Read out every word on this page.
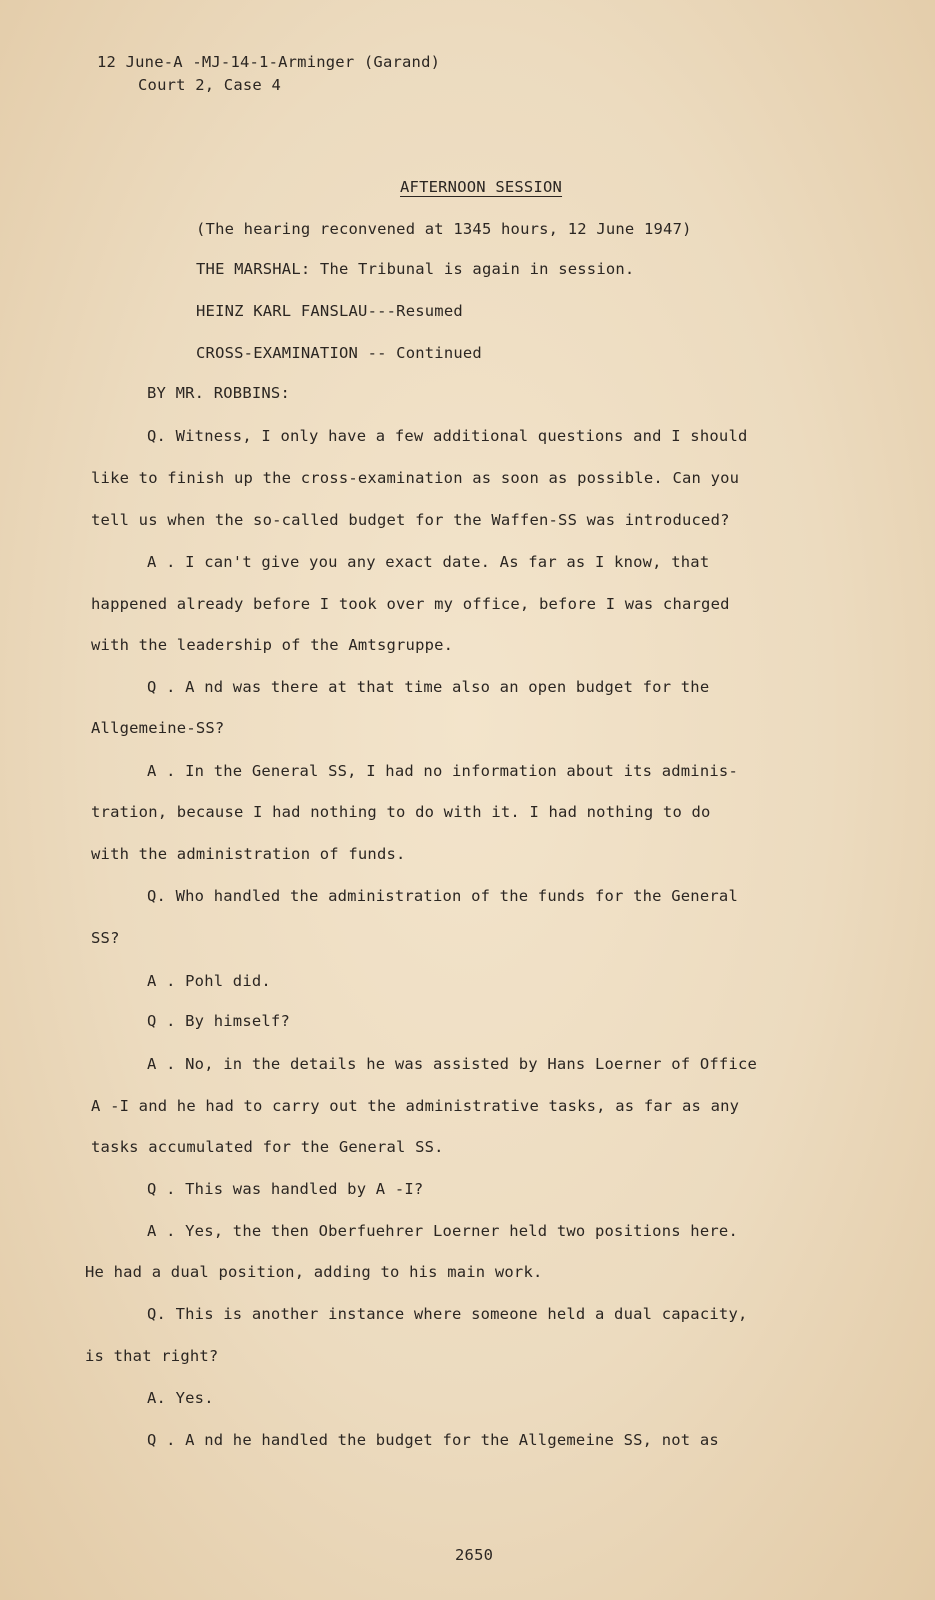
12 June-A -MJ-14-1-Arminger (Garand)
Court 2, Case 4
AFTERNOON SESSION
(The hearing reconvened at 1345 hours, 12 June 1947)
THE MARSHAL: The Tribunal is again in session.
HEINZ KARL FANSLAU---Resumed
CROSS-EXAMINATION -- Continued
BY MR. ROBBINS:
Q. Witness, I only have a few additional questions and I should
like to finish up the cross-examination as soon as possible. Can you
tell us when the so-called budget for the Waffen-SS was introduced?
A . I can't give you any exact date. As far as I know, that
happened already before I took over my office, before I was charged
with the leadership of the Amtsgruppe.
Q . A nd was there at that time also an open budget for the
Allgemeine-SS?
A . In the General SS, I had no information about its adminis-
tration, because I had nothing to do with it. I had nothing to do
with the administration of funds.
Q. Who handled the administration of the funds for the General
SS?
A . Pohl did.
Q . By himself?
A . No, in the details he was assisted by Hans Loerner of Office
A -I and he had to carry out the administrative tasks, as far as any
tasks accumulated for the General SS.
Q . This was handled by A -I?
A . Yes, the then Oberfuehrer Loerner held two positions here.
He had a dual position, adding to his main work.
Q. This is another instance where someone held a dual capacity,
is that right?
A. Yes.
Q . A nd he handled the budget for the Allgemeine SS, not as
2650
